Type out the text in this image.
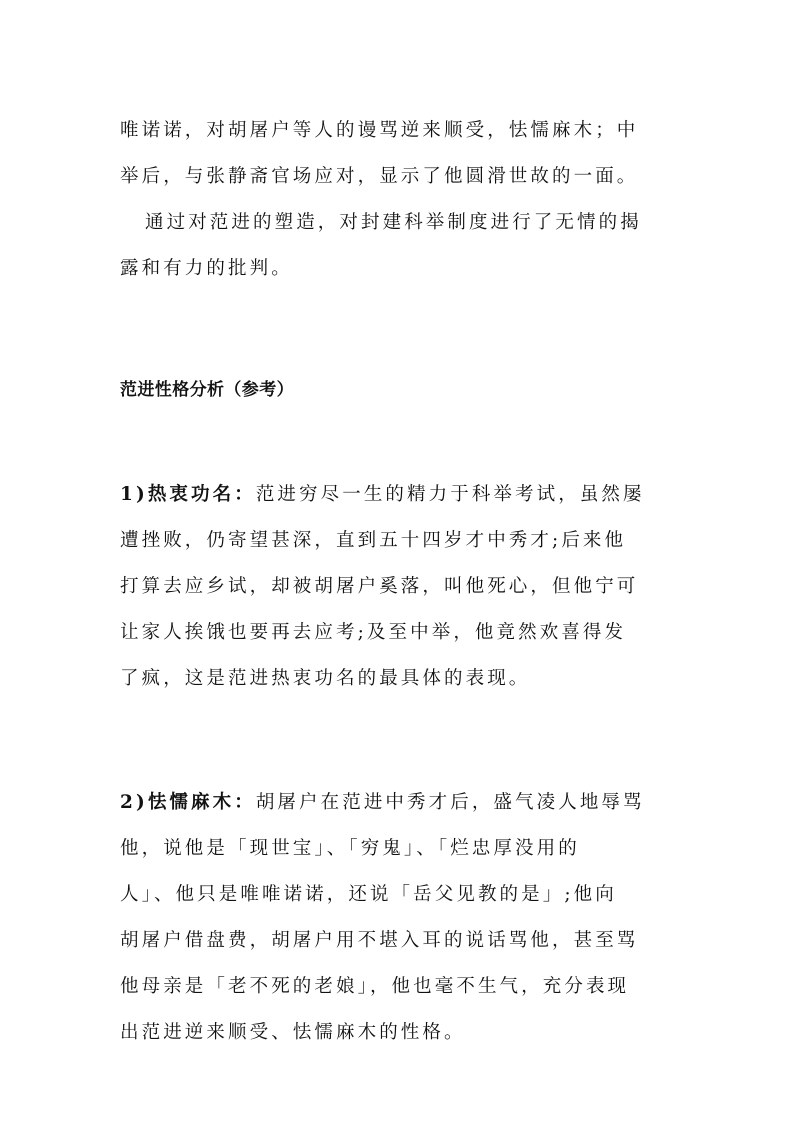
唯诺诺，对胡屠户等人的谩骂逆来顺受，怯懦麻木；中
举后，与张静斋官场应对，显示了他圆滑世故的一面。

通过对范进的塑造，对封建科举制度进行了无情的揭
露和有力的批判。

范进性格分析（参考）

1)热衷功名：范进穷尽一生的精力于科举考试，虽然屡
遭挫败，仍寄望甚深，直到五十四岁才中秀才;后来他
打算去应乡试，却被胡屠户奚落，叫他死心，但他宁可
让家人挨饿也要再去应考;及至中举，他竟然欢喜得发
了疯，这是范进热衷功名的最具体的表现。

2)怯懦麻木：胡屠户在范进中秀才后，盛气凌人地辱骂
他，说他是「现世宝」、「穷鬼」、「烂忠厚没用的
人」、他只是唯唯诺诺，还说「岳父见教的是」;他向
胡屠户借盘费，胡屠户用不堪入耳的说话骂他，甚至骂
他母亲是「老不死的老娘」，他也毫不生气，充分表现
出范进逆来顺受、怯懦麻木的性格。
